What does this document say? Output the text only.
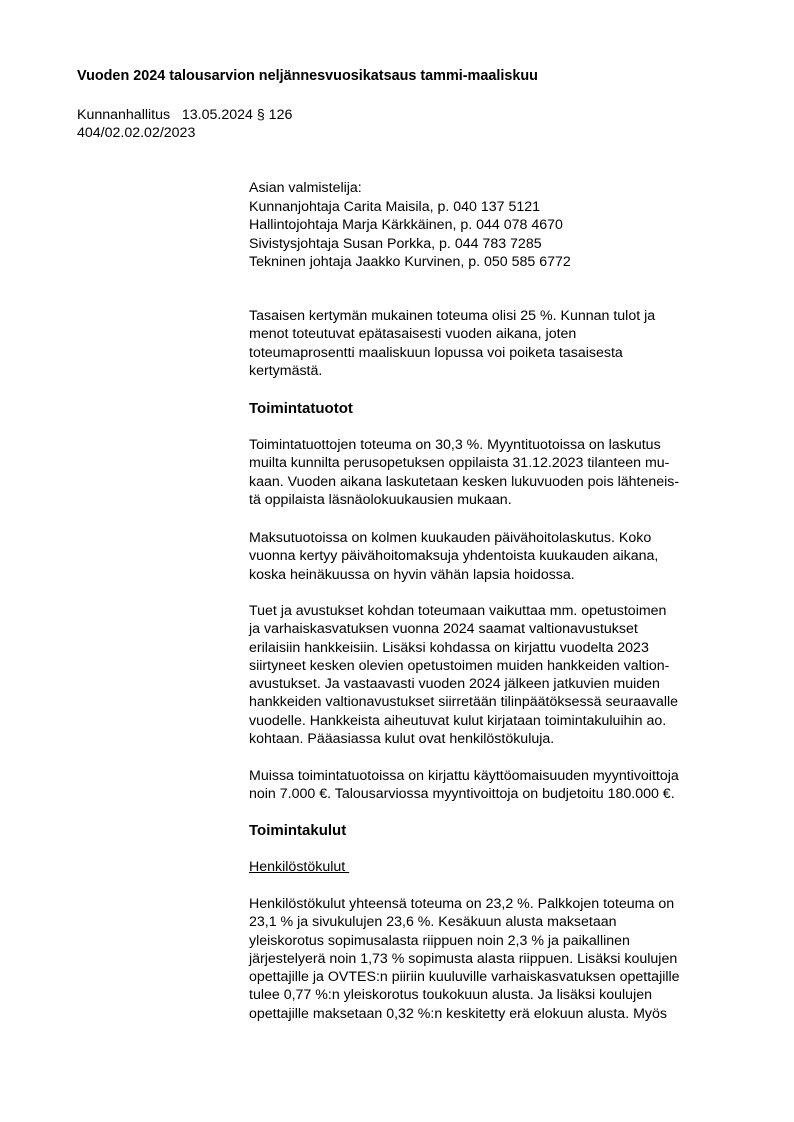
Vuoden 2024 talousarvion neljännesvuosikatsaus tammi-maaliskuu
Kunnanhallitus   13.05.2024 § 126
404/02.02.02/2023
Asian valmistelija:
Kunnanjohtaja Carita Maisila, p. 040 137 5121
Hallintojohtaja Marja Kärkkäinen, p. 044 078 4670
Sivistysjohtaja Susan Porkka, p. 044 783 7285
Tekninen johtaja Jaakko Kurvinen, p. 050 585 6772
Tasaisen kertymän mukainen toteuma olisi 25 %. Kunnan tulot ja
menot toteutuvat epätasaisesti vuoden aikana, joten
toteumaprosentti maaliskuun lopussa voi poiketa tasaisesta
kertymästä.
Toimintatuotot
Toimintatuottojen toteuma on 30,3 %. Myyntituotoissa on laskutus
muilta kunnilta perusopetuksen oppilaista 31.12.2023 tilanteen mu-
kaan. Vuoden aikana laskutetaan kesken lukuvuoden pois lähteneis-
tä oppilaista läsnäolokuukausien mukaan.
Maksutuotoissa on kolmen kuukauden päivähoitolaskutus. Koko
vuonna kertyy päivähoitomaksuja yhdentoista kuukauden aikana,
koska heinäkuussa on hyvin vähän lapsia hoidossa.
Tuet ja avustukset kohdan toteumaan vaikuttaa mm. opetustoimen
ja varhaiskasvatuksen vuonna 2024 saamat valtionavustukset
erilaisiin hankkeisiin. Lisäksi kohdassa on kirjattu vuodelta 2023
siirtyneet kesken olevien opetustoimen muiden hankkeiden valtion-
avustukset. Ja vastaavasti vuoden 2024 jälkeen jatkuvien muiden
hankkeiden valtionavustukset siirretään tilinpäätöksessä seuraavalle
vuodelle. Hankkeista aiheutuvat kulut kirjataan toimintakuluihin ao.
kohtaan. Pääasiassa kulut ovat henkilöstökuluja.
Muissa toimintatuotoissa on kirjattu käyttöomaisuuden myyntivoittoja
noin 7.000 €. Talousarviossa myyntivoittoja on budjetoitu 180.000 €.
Toimintakulut
Henkilöstökulut
Henkilöstökulut yhteensä toteuma on 23,2 %. Palkkojen toteuma on
23,1 % ja sivukulujen 23,6 %. Kesäkuun alusta maksetaan
yleiskorotus sopimusalasta riippuen noin 2,3 % ja paikallinen
järjestelyerä noin 1,73 % sopimusta alasta riippuen. Lisäksi koulujen
opettajille ja OVTES:n piiriin kuuluville varhaiskasvatuksen opettajille
tulee 0,77 %:n yleiskorotus toukokuun alusta. Ja lisäksi koulujen
opettajille maksetaan 0,32 %:n keskitetty erä elokuun alusta. Myös
